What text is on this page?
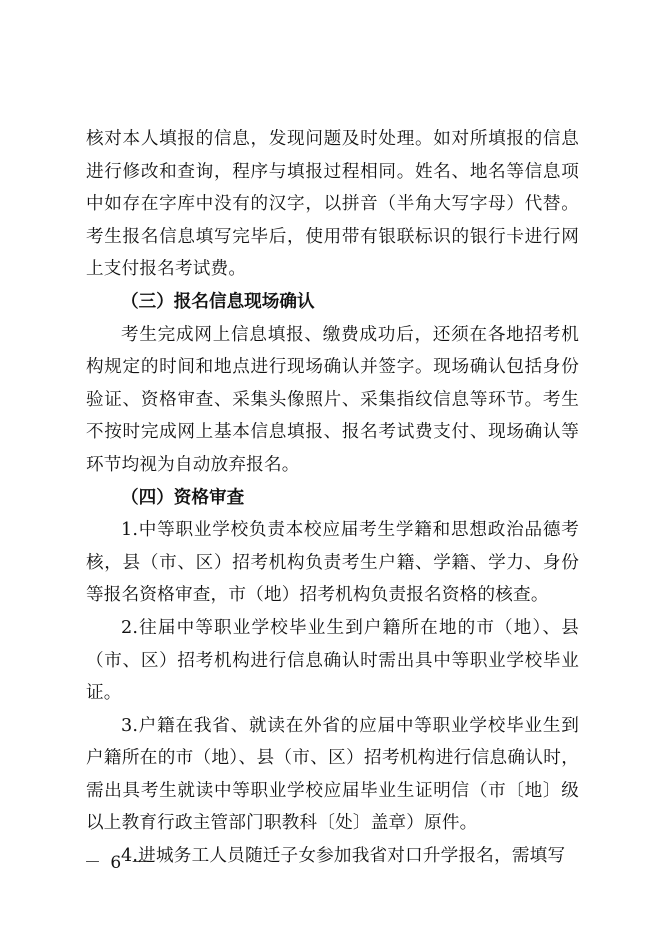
核对本人填报的信息，发现问题及时处理。如对所填报的信息进行修改和查询，程序与填报过程相同。姓名、地名等信息项中如存在字库中没有的汉字，以拼音（半角大写字母）代替。考生报名信息填写完毕后，使用带有银联标识的银行卡进行网上支付报名考试费。

（三）报名信息现场确认

考生完成网上信息填报、缴费成功后，还须在各地招考机构规定的时间和地点进行现场确认并签字。现场确认包括身份验证、资格审查、采集头像照片、采集指纹信息等环节。考生不按时完成网上基本信息填报、报名考试费支付、现场确认等环节均视为自动放弃报名。

（四）资格审查

1.中等职业学校负责本校应届考生学籍和思想政治品德考核，县（市、区）招考机构负责考生户籍、学籍、学力、身份等报名资格审查，市（地）招考机构负责报名资格的核查。

2.往届中等职业学校毕业生到户籍所在地的市（地）、县（市、区）招考机构进行信息确认时需出具中等职业学校毕业证。

3.户籍在我省、就读在外省的应届中等职业学校毕业生到户籍所在的市（地）、县（市、区）招考机构进行信息确认时，需出具考生就读中等职业学校应届毕业生证明信（市〔地〕级以上教育行政主管部门职教科〔处〕盖章）原件。

4.进城务工人员随迁子女参加我省对口升学报名，需填写

－ 6 －
